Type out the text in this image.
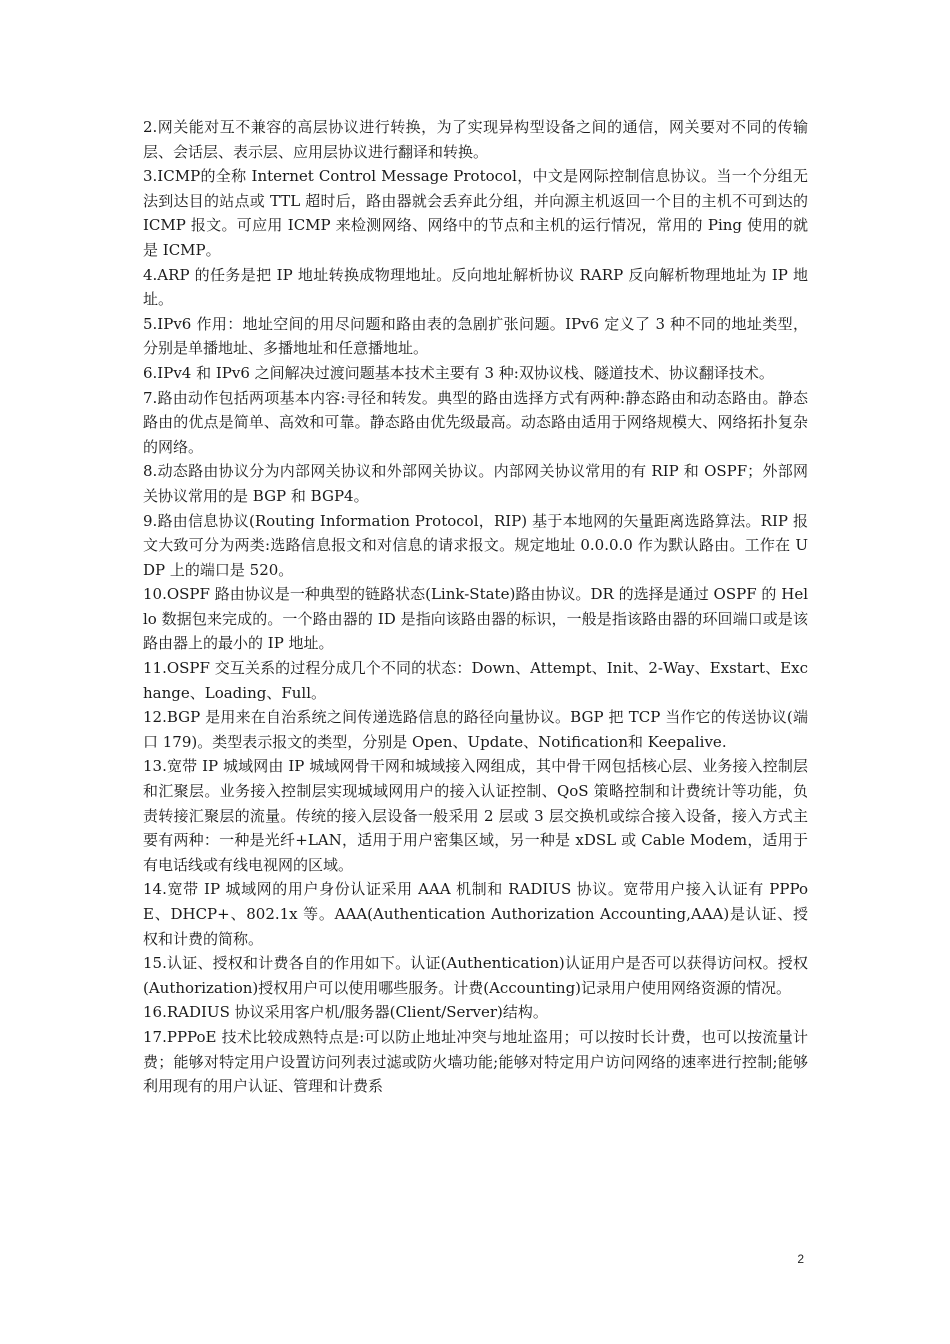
2.网关能对互不兼容的高层协议进行转换，为了实现异构型设备之间的通信，网关要对不同的传输层、会话层、表示层、应用层协议进行翻译和转换。

3.ICMP的全称 Internet Control Message Protocol，中文是网际控制信息协议。当一个分组无法到达目的站点或 TTL 超时后，路由器就会丢弃此分组，并向源主机返回一个目的主机不可到达的 ICMP 报文。可应用 ICMP 来检测网络、网络中的节点和主机的运行情况，常用的 Ping 使用的就是 ICMP。

4.ARP 的任务是把 IP 地址转换成物理地址。反向地址解析协议 RARP 反向解析物理地址为 IP 地址。

5.IPv6 作用：地址空间的用尽问题和路由表的急剧扩张问题。IPv6 定义了 3 种不同的地址类型，分别是单播地址、多播地址和任意播地址。

6.IPv4 和 IPv6 之间解决过渡问题基本技术主要有 3 种:双协议栈、隧道技术、协议翻译技术。

7.路由动作包括两项基本内容:寻径和转发。典型的路由选择方式有两种:静态路由和动态路由。静态路由的优点是简单、高效和可靠。静态路由优先级最高。动态路由适用于网络规模大、网络拓扑复杂的网络。

8.动态路由协议分为内部网关协议和外部网关协议。内部网关协议常用的有 RIP 和 OSPF；外部网关协议常用的是 BGP 和 BGP4。

9.路由信息协议(Routing Information Protocol，RIP) 基于本地网的矢量距离选路算法。RIP 报文大致可分为两类:选路信息报文和对信息的请求报文。规定地址 0.0.0.0 作为默认路由。工作在 UDP 上的端口是 520。

10.OSPF 路由协议是一种典型的链路状态(Link-State)路由协议。DR 的选择是通过 OSPF 的 Hello 数据包来完成的。一个路由器的 ID 是指向该路由器的标识，一般是指该路由器的环回端口或是该路由器上的最小的 IP 地址。

11.OSPF 交互关系的过程分成几个不同的状态：Down、Attempt、Init、2-Way、Exstart、Exchange、Loading、Full。

12.BGP 是用来在自治系统之间传递选路信息的路径向量协议。BGP 把 TCP 当作它的传送协议(端口 179)。类型表示报文的类型，分别是 Open、Update、Notification和 Keepalive.

13.宽带 IP 城域网由 IP 城域网骨干网和城域接入网组成，其中骨干网包括核心层、业务接入控制层和汇聚层。业务接入控制层实现城域网用户的接入认证控制、QoS 策略控制和计费统计等功能，负责转接汇聚层的流量。传统的接入层设备一般采用 2 层或 3 层交换机或综合接入设备，接入方式主要有两种：一种是光纤+LAN，适用于用户密集区域，另一种是 xDSL 或 Cable Modem，适用于有电话线或有线电视网的区域。

14.宽带 IP 城域网的用户身份认证采用 AAA 机制和 RADIUS 协议。宽带用户接入认证有 PPPoE、DHCP+、802.1x 等。AAA(Authentication Authorization Accounting,AAA)是认证、授权和计费的简称。

15.认证、授权和计费各自的作用如下。认证(Authentication)认证用户是否可以获得访问权。授权(Authorization)授权用户可以使用哪些服务。计费(Accounting)记录用户使用网络资源的情况。

16.RADIUS 协议采用客户机/服务器(Client/Server)结构。

17.PPPoE 技术比较成熟特点是:可以防止地址冲突与地址盗用；可以按时长计费，也可以按流量计费；能够对特定用户设置访问列表过滤或防火墙功能;能够对特定用户访问网络的速率进行控制;能够利用现有的用户认证、管理和计费系

2
